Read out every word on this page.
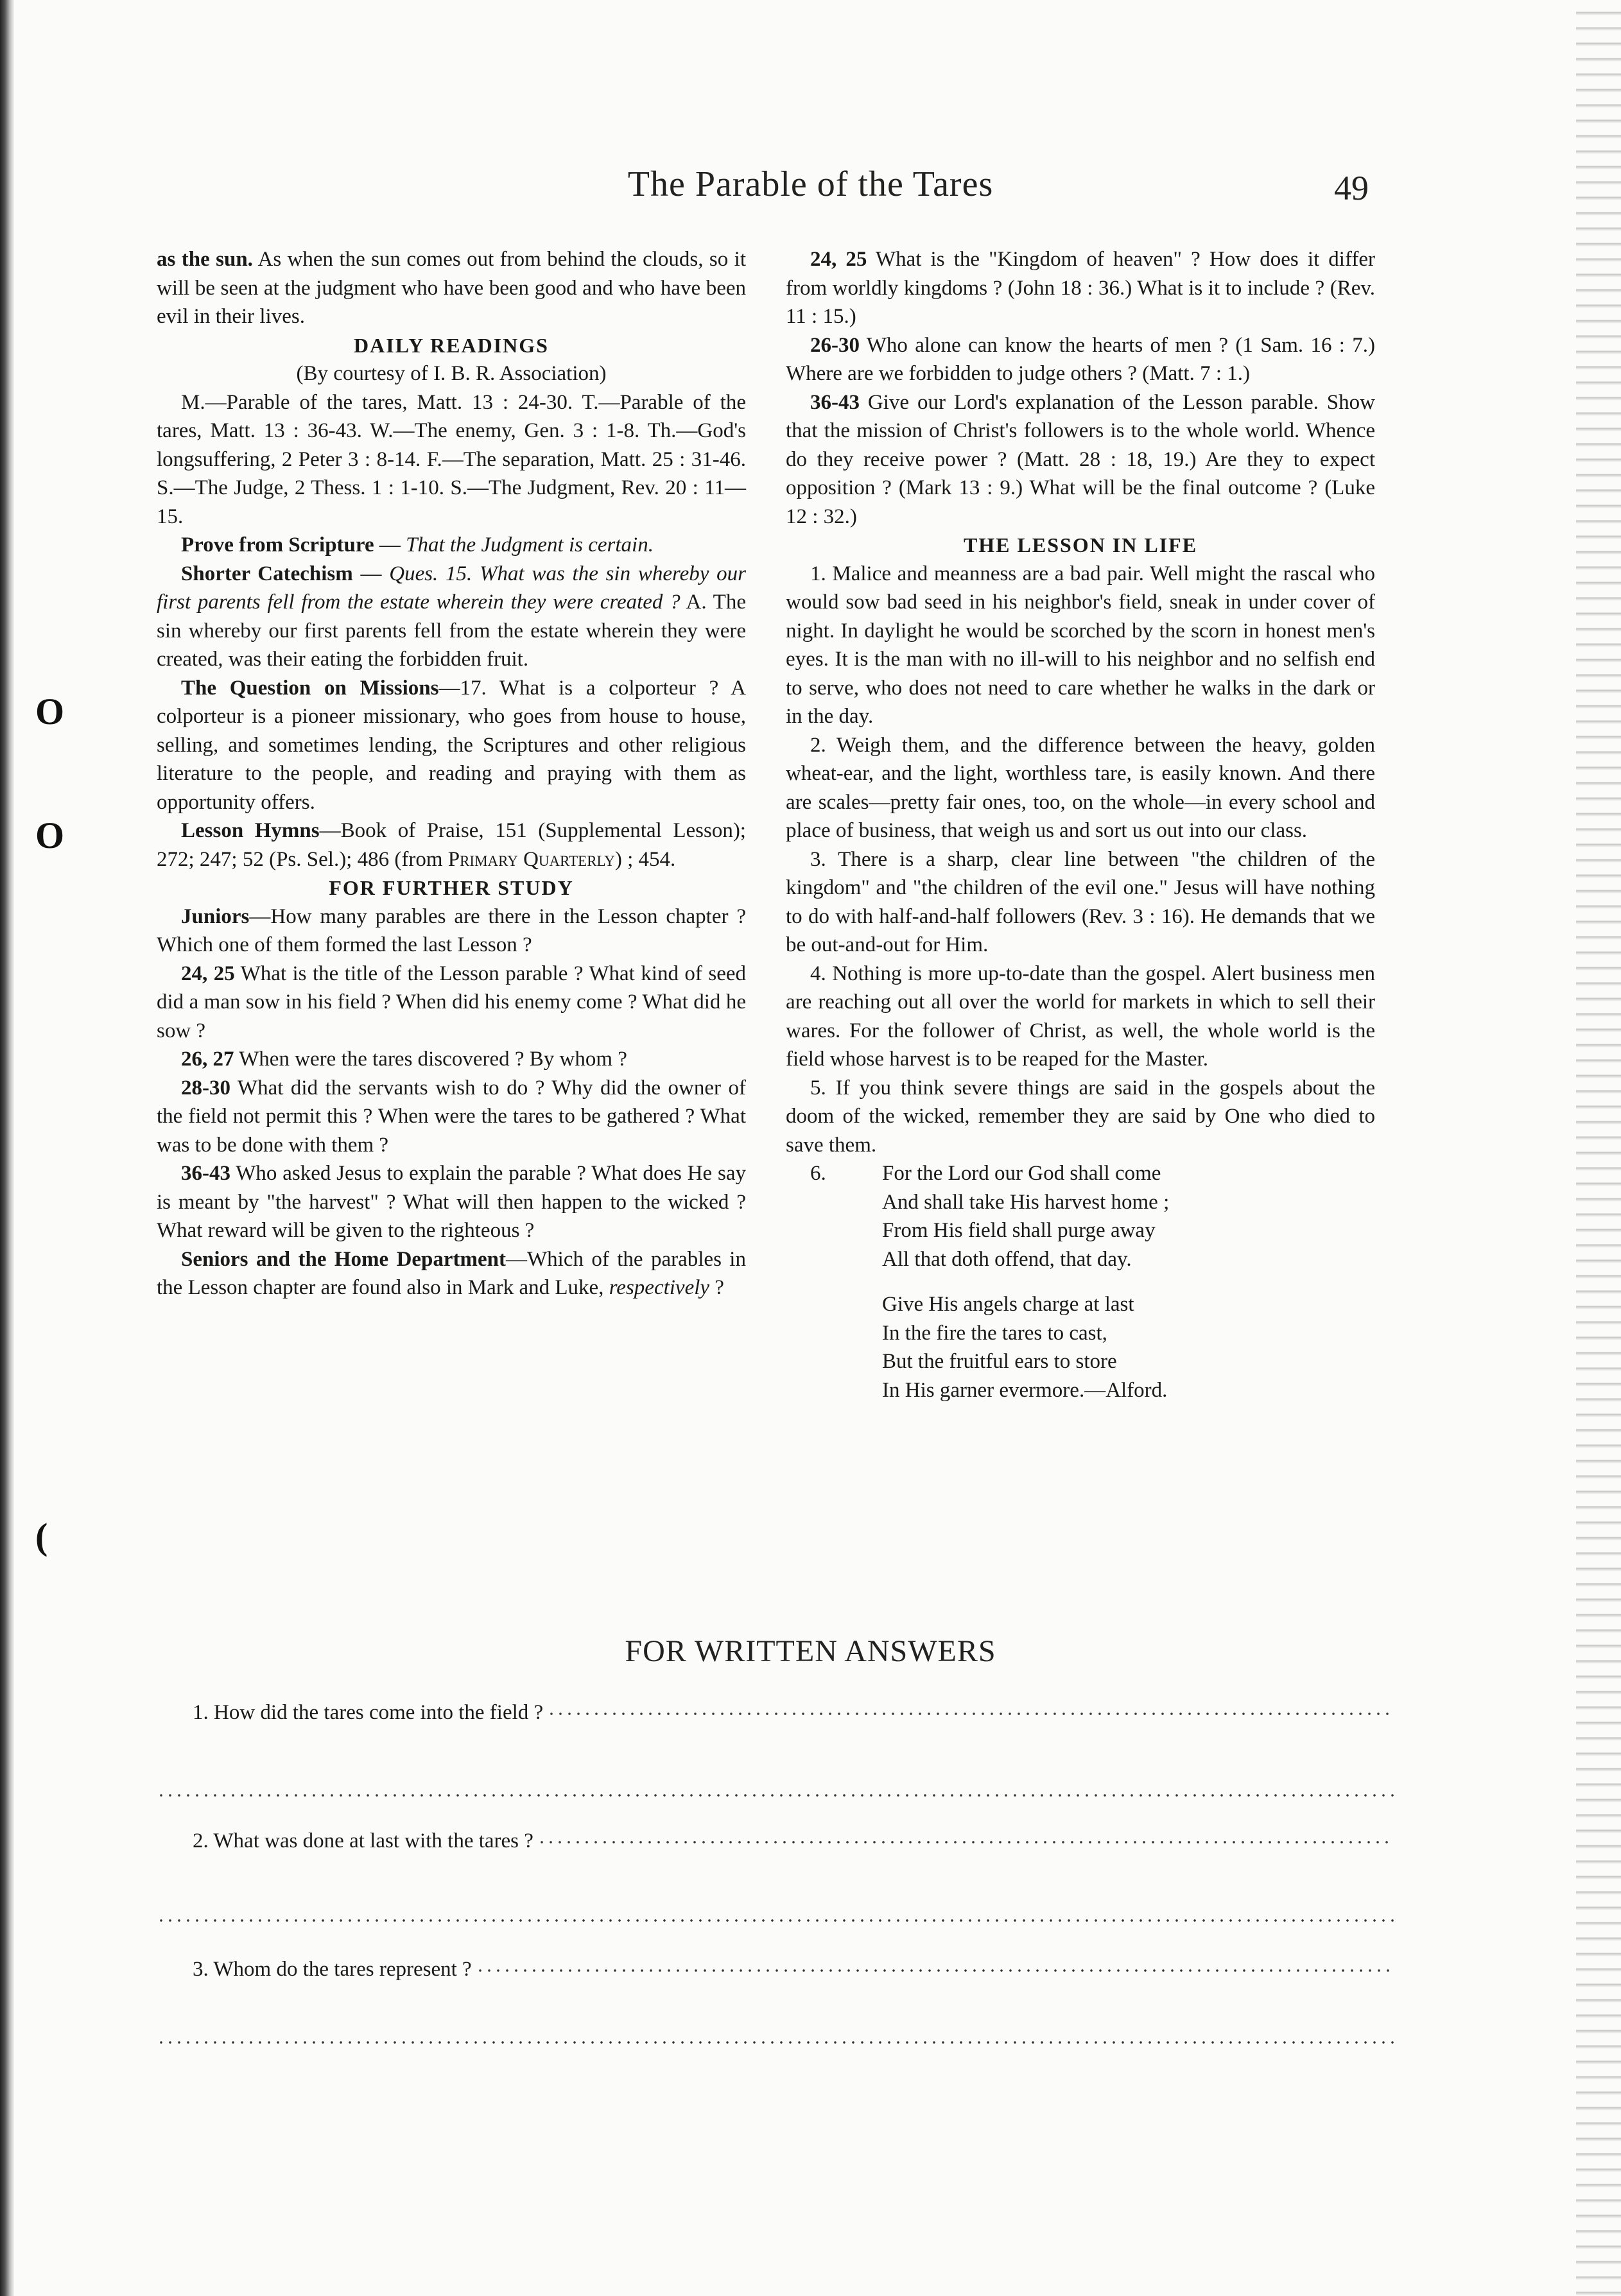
O
O
(
The Parable of the Tares	49

as the sun. As when the sun comes out from behind the clouds, so it will be seen at the judgment who have been good and who have been evil in their lives.

DAILY READINGS

(By courtesy of I. B. R. Association)

M.—Parable of the tares, Matt. 13 : 24-30. T.—Parable of the tares, Matt. 13 : 36-43. W.—The enemy, Gen. 3 : 1-8. Th.—God's longsuffering, 2 Peter 3 : 8-14. F.—The separation, Matt. 25 : 31-46. S.—The Judge, 2 Thess. 1 : 1-10. S.—The Judgment, Rev. 20 : 11—15.

Prove from Scripture — That the Judgment is certain.

Shorter Catechism — Ques. 15. What was the sin whereby our first parents fell from the estate wherein they were created ? A. The sin whereby our first parents fell from the estate wherein they were created, was their eating the forbidden fruit.

The Question on Missions—17. What is a colporteur ? A colporteur is a pioneer missionary, who goes from house to house, selling, and sometimes lending, the Scriptures and other religious literature to the people, and reading and praying with them as opportunity offers.

Lesson Hymns—Book of Praise, 151 (Supplemental Lesson); 272; 247; 52 (Ps. Sel.); 486 (from Primary Quarterly) ; 454.

FOR FURTHER STUDY

Juniors—How many parables are there in the Lesson chapter ? Which one of them formed the last Lesson ?

24, 25 What is the title of the Lesson parable ? What kind of seed did a man sow in his field ? When did his enemy come ? What did he sow ?

26, 27 When were the tares discovered ? By whom ?

28-30 What did the servants wish to do ? Why did the owner of the field not permit this ? When were the tares to be gathered ? What was to be done with them ?

36-43 Who asked Jesus to explain the parable ? What does He say is meant by "the harvest" ? What will then happen to the wicked ? What reward will be given to the righteous ?

Seniors and the Home Department—Which of the parables in the Lesson chapter are found also in Mark and Luke, respectively ?

24, 25 What is the "Kingdom of heaven" ? How does it differ from worldly kingdoms ? (John 18 : 36.) What is it to include ? (Rev. 11 : 15.)

26-30 Who alone can know the hearts of men ? (1 Sam. 16 : 7.) Where are we forbidden to judge others ? (Matt. 7 : 1.)

36-43 Give our Lord's explanation of the Lesson parable. Show that the mission of Christ's followers is to the whole world. Whence do they receive power ? (Matt. 28 : 18, 19.) Are they to expect opposition ? (Mark 13 : 9.) What will be the final outcome ? (Luke 12 : 32.)

THE LESSON IN LIFE

1. Malice and meanness are a bad pair. Well might the rascal who would sow bad seed in his neighbor's field, sneak in under cover of night. In daylight he would be scorched by the scorn in honest men's eyes. It is the man with no ill-will to his neighbor and no selfish end to serve, who does not need to care whether he walks in the dark or in the day.

2. Weigh them, and the difference between the heavy, golden wheat-ear, and the light, worthless tare, is easily known. And there are scales—pretty fair ones, too, on the whole—in every school and place of business, that weigh us and sort us out into our class.

3. There is a sharp, clear line between "the children of the kingdom" and "the children of the evil one." Jesus will have nothing to do with half-and-half followers (Rev. 3 : 16). He demands that we be out-and-out for Him.

4. Nothing is more up-to-date than the gospel. Alert business men are reaching out all over the world for markets in which to sell their wares. For the follower of Christ, as well, the whole world is the field whose harvest is to be reaped for the Master.

5. If you think severe things are said in the gospels about the doom of the wicked, remember they are said by One who died to save them.

6.	For the Lord our God shall come
And shall take His harvest home ;
From His field shall purge away
All that doth offend, that day.
Give His angels charge at last
In the fire the tares to cast,
But the fruitful ears to store
In His garner evermore.—Alford.
FOR WRITTEN ANSWERS
1. How did the tares come into the field ?
2. What was done at last with the tares ?
3. Whom do the tares represent ?
